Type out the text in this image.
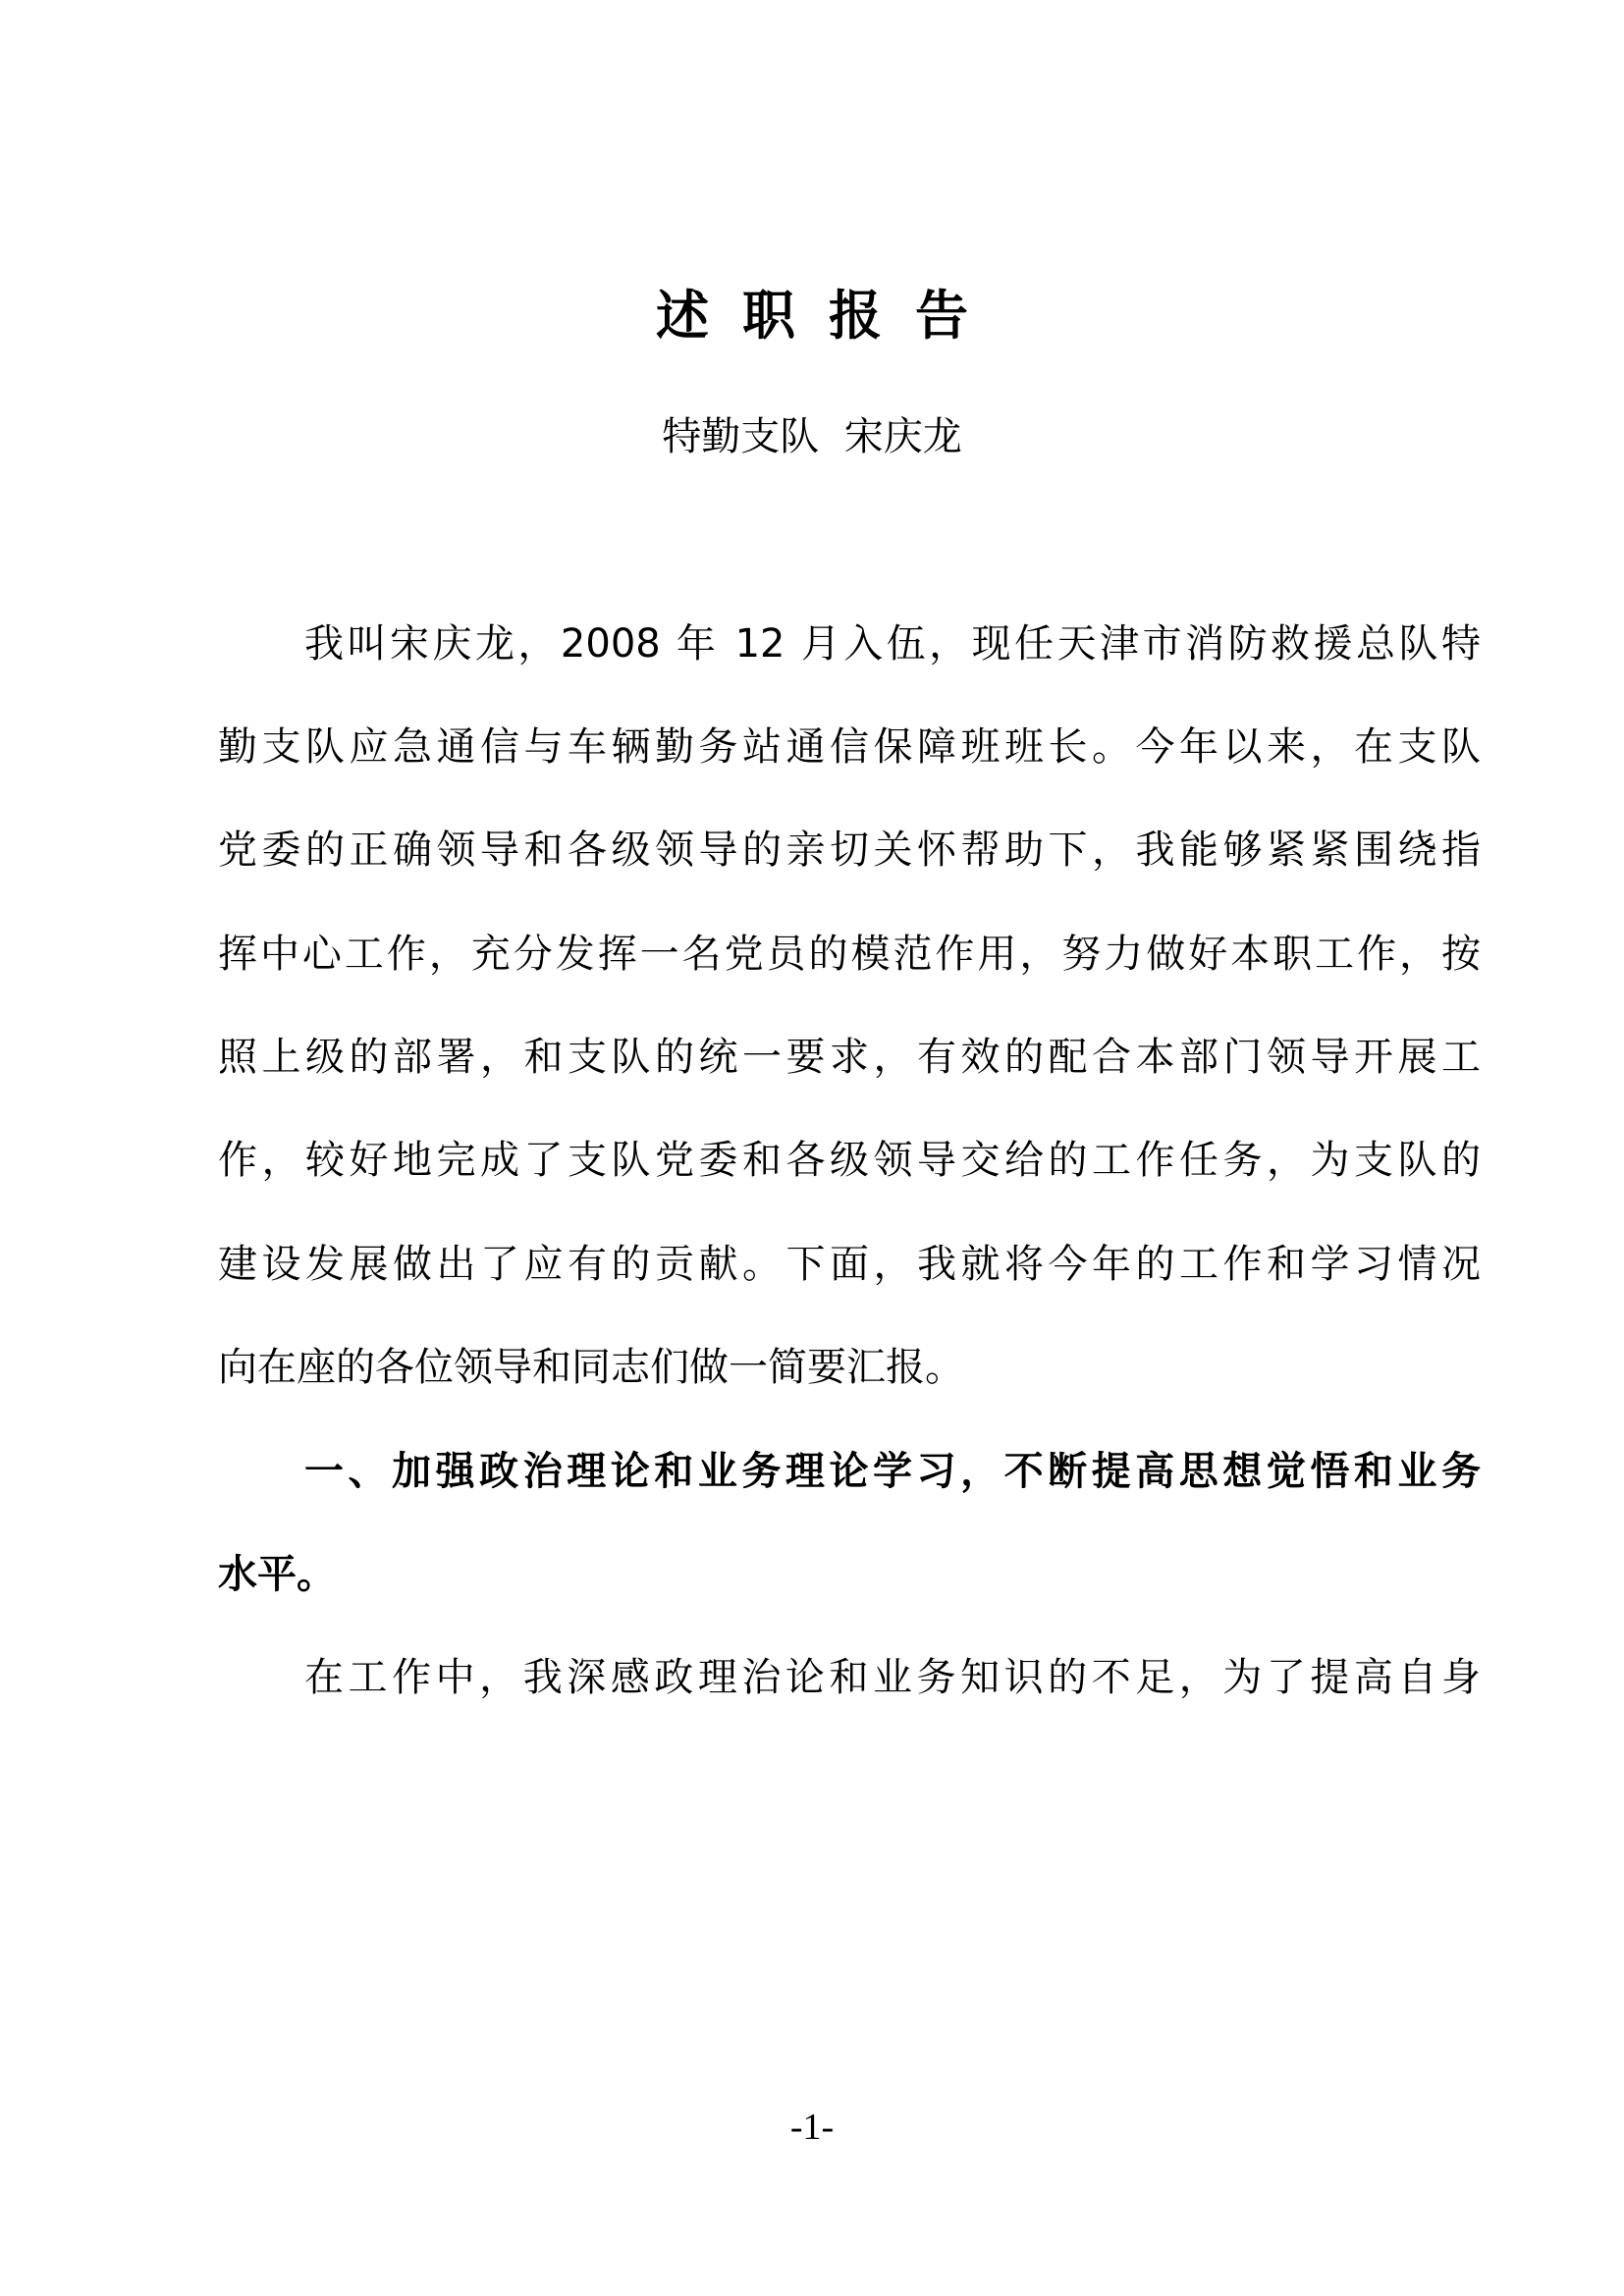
述职报告
特勤支队  宋庆龙
我叫宋庆龙，2008 年 12 月入伍，现任天津市消防救援总队特
勤支队应急通信与车辆勤务站通信保障班班长。今年以来，在支队
党委的正确领导和各级领导的亲切关怀帮助下，我能够紧紧围绕指
挥中心工作，充分发挥一名党员的模范作用，努力做好本职工作，按
照上级的部署，和支队的统一要求，有效的配合本部门领导开展工
作，较好地完成了支队党委和各级领导交给的工作任务，为支队的
建设发展做出了应有的贡献。下面，我就将今年的工作和学习情况
向在座的各位领导和同志们做一简要汇报。
一、加强政治理论和业务理论学习，不断提高思想觉悟和业务
水平。
在工作中，我深感政理治论和业务知识的不足，为了提高自身
-1-
